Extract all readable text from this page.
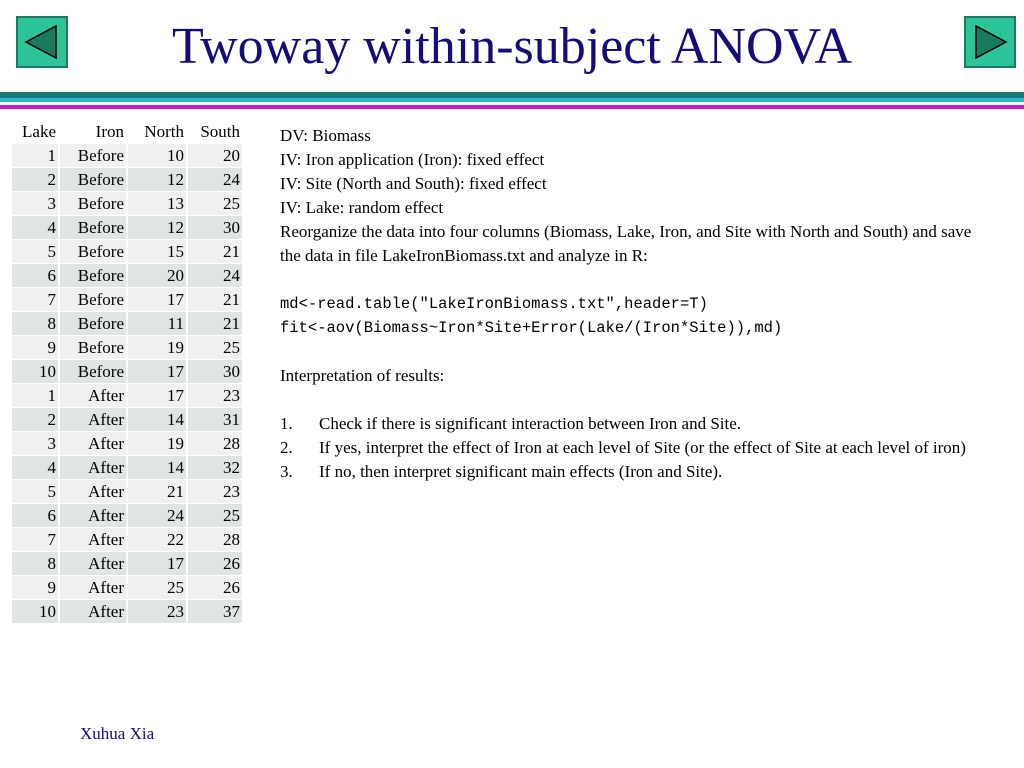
Twoway within-subject ANOVA
Lake	Iron	North	South
1	Before	10	20
2	Before	12	24
3	Before	13	25
4	Before	12	30
5	Before	15	21
6	Before	20	24
7	Before	17	21
8	Before	11	21
9	Before	19	25
10	Before	17	30
1	After	17	23
2	After	14	31
3	After	19	28
4	After	14	32
5	After	21	23
6	After	24	25
7	After	22	28
8	After	17	26
9	After	25	26
10	After	23	37
DV: Biomass
IV: Iron application (Iron): fixed effect
IV: Site (North and South): fixed effect
IV: Lake: random effect
Reorganize the data into four columns (Biomass, Lake, Iron, and Site with North and South) and save the data in file LakeIronBiomass.txt and analyze in R:
md<-read.table("LakeIronBiomass.txt",header=T)
fit<-aov(Biomass~Iron*Site+Error(Lake/(Iron*Site)),md)
Interpretation of results:
1. Check if there is significant interaction between Iron and Site.
2. If yes, interpret the effect of Iron at each level of Site (or the effect of Site at each level of iron)
3. If no, then interpret significant main effects (Iron and Site).
Xuhua Xia
